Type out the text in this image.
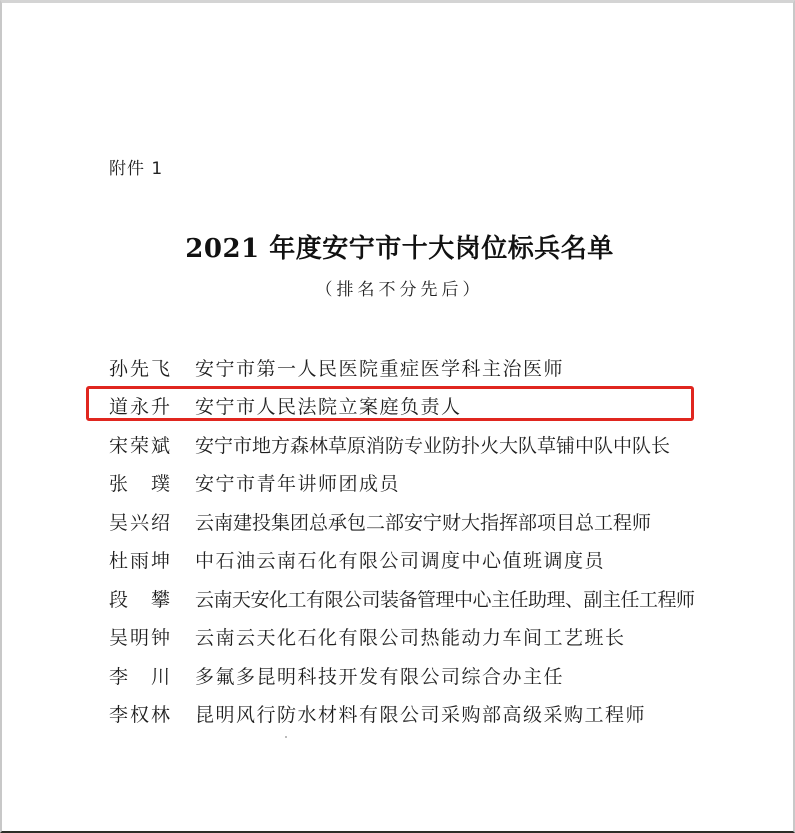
附件 1
2021 年度安宁市十大岗位标兵名单
（排名不分先后）
孙先飞	安宁市第一人民医院重症医学科主治医师
道永升	安宁市人民法院立案庭负责人
宋荣斌	安宁市地方森林草原消防专业防扑火大队草铺中队中队长
张　璞	安宁市青年讲师团成员
吴兴绍	云南建投集团总承包二部安宁财大指挥部项目总工程师
杜雨坤	中石油云南石化有限公司调度中心值班调度员
段　攀	云南天安化工有限公司装备管理中心主任助理、副主任工程师
吴明钟	云南云天化石化有限公司热能动力车间工艺班长
李　川	多氟多昆明科技开发有限公司综合办主任
李权林	昆明风行防水材料有限公司采购部高级采购工程师
